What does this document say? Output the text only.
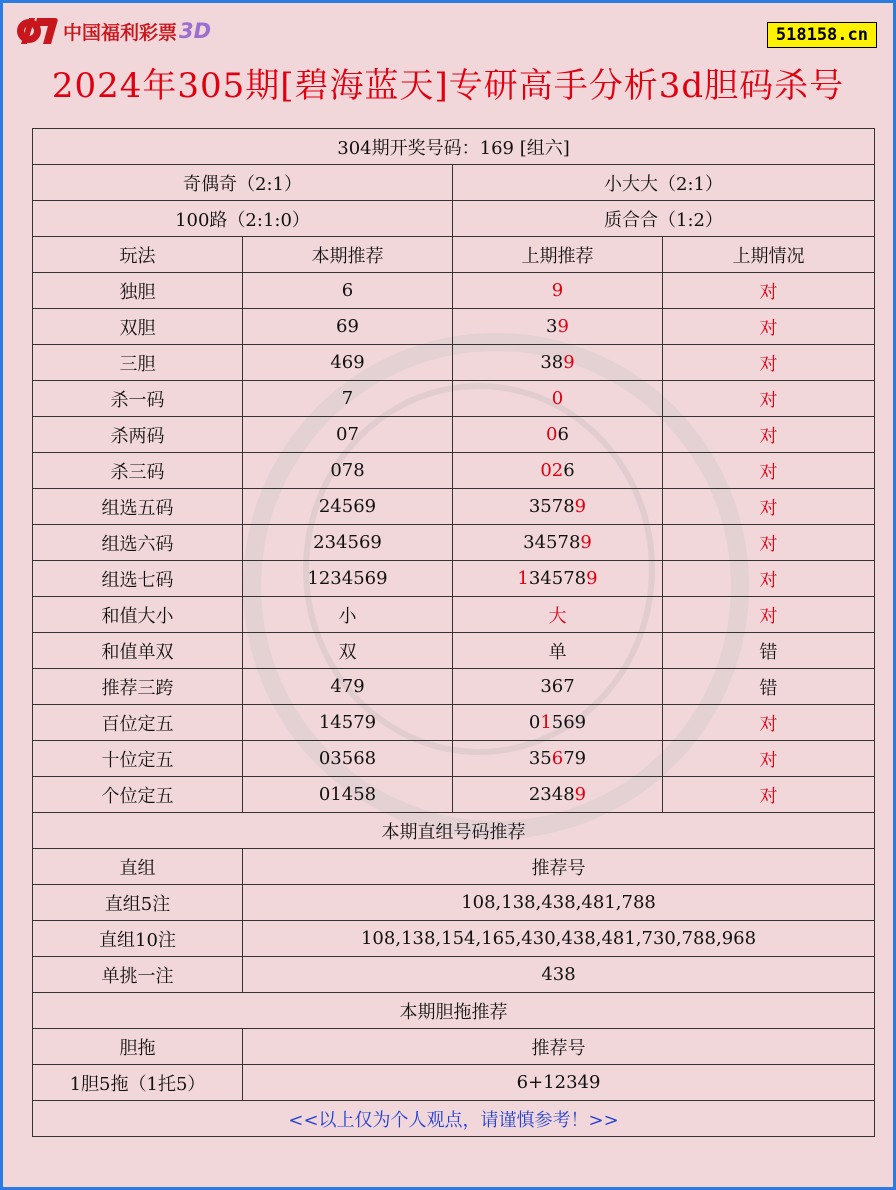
中国福利彩票 3D	518158.cn
2024年305期[碧海蓝天]专研高手分析3d胆码杀号
304期开奖号码：169 [组六]			
奇偶奇（2:1）		小大大（2:1）	
100路（2:1:0）		质合合（1:2）	
玩法	本期推荐	上期推荐	上期情况
独胆	6	9	对
双胆	69	39	对
三胆	469	389	对
杀一码	7	0	对
杀两码	07	06	对
杀三码	078	026	对
组选五码	24569	35789	对
组选六码	234569	345789	对
组选七码	1234569	1345789	对
和值大小	小	大	对
和值单双	双	单	错
推荐三跨	479	367	错
百位定五	14579	01569	对
十位定五	03568	35679	对
个位定五	01458	23489	对
本期直组号码推荐			
直组	推荐号		
直组5注	108,138,438,481,788		
直组10注	108,138,154,165,430,438,481,730,788,968		
单挑一注	438		
本期胆拖推荐			
胆拖	推荐号		
1胆5拖（1托5）	6+12349		
<<以上仅为个人观点，请谨慎参考！>>			
